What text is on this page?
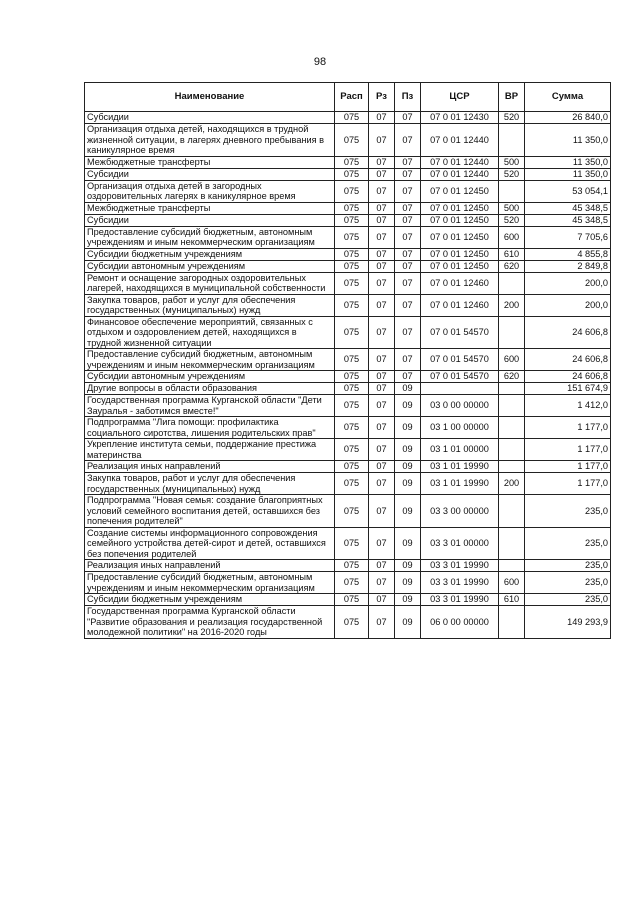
98
Наименование	Расп	Рз	Пз	ЦСР	ВР	Сумма
Субсидии	075	07	07	07 0 01 12430	520	26 840,0
Организация отдыха детей, находящихся в трудной жизненной ситуации, в лагерях дневного пребывания в каникулярное время	075	07	07	07 0 01 12440		11 350,0
Межбюджетные трансферты	075	07	07	07 0 01 12440	500	11 350,0
Субсидии	075	07	07	07 0 01 12440	520	11 350,0
Организация отдыха детей в загородных оздоровительных лагерях в каникулярное время	075	07	07	07 0 01 12450		53 054,1
Межбюджетные трансферты	075	07	07	07 0 01 12450	500	45 348,5
Субсидии	075	07	07	07 0 01 12450	520	45 348,5
Предоставление субсидий бюджетным, автономным учреждениям и иным некоммерческим организациям	075	07	07	07 0 01 12450	600	7 705,6
Субсидии бюджетным учреждениям	075	07	07	07 0 01 12450	610	4 855,8
Субсидии автономным учреждениям	075	07	07	07 0 01 12450	620	2 849,8
Ремонт и оснащение загородных оздоровительных лагерей, находящихся в муниципальной собственности	075	07	07	07 0 01 12460		200,0
Закупка товаров, работ и услуг для обеспечения государственных (муниципальных) нужд	075	07	07	07 0 01 12460	200	200,0
Финансовое обеспечение мероприятий, связанных с отдыхом и оздоровлением детей, находящихся в трудной жизненной ситуации	075	07	07	07 0 01 54570		24 606,8
Предоставление субсидий бюджетным, автономным учреждениям и иным некоммерческим организациям	075	07	07	07 0 01 54570	600	24 606,8
Субсидии автономным учреждениям	075	07	07	07 0 01 54570	620	24 606,8
Другие вопросы в области образования	075	07	09			151 674,9
Государственная программа Курганской области "Дети Зауралья - заботимся вместе!"	075	07	09	03 0 00 00000		1 412,0
Подпрограмма "Лига помощи: профилактика социального сиротства, лишения родительских прав"	075	07	09	03 1 00 00000		1 177,0
Укрепление института семьи, поддержание престижа материнства	075	07	09	03 1 01 00000		1 177,0
Реализация иных направлений	075	07	09	03 1 01 19990		1 177,0
Закупка товаров, работ и услуг для обеспечения государственных (муниципальных) нужд	075	07	09	03 1 01 19990	200	1 177,0
Подпрограмма "Новая семья: создание благоприятных условий семейного воспитания детей, оставшихся без попечения родителей"	075	07	09	03 3 00 00000		235,0
Создание системы информационного сопровождения семейного устройства детей-сирот и детей, оставшихся без попечения родителей	075	07	09	03 3 01 00000		235,0
Реализация иных направлений	075	07	09	03 3 01 19990		235,0
Предоставление субсидий бюджетным, автономным учреждениям и иным некоммерческим организациям	075	07	09	03 3 01 19990	600	235,0
Субсидии бюджетным учреждениям	075	07	09	03 3 01 19990	610	235,0
Государственная программа Курганской области "Развитие образования и реализация государственной молодежной политики" на 2016-2020 годы	075	07	09	06 0 00 00000		149 293,9
